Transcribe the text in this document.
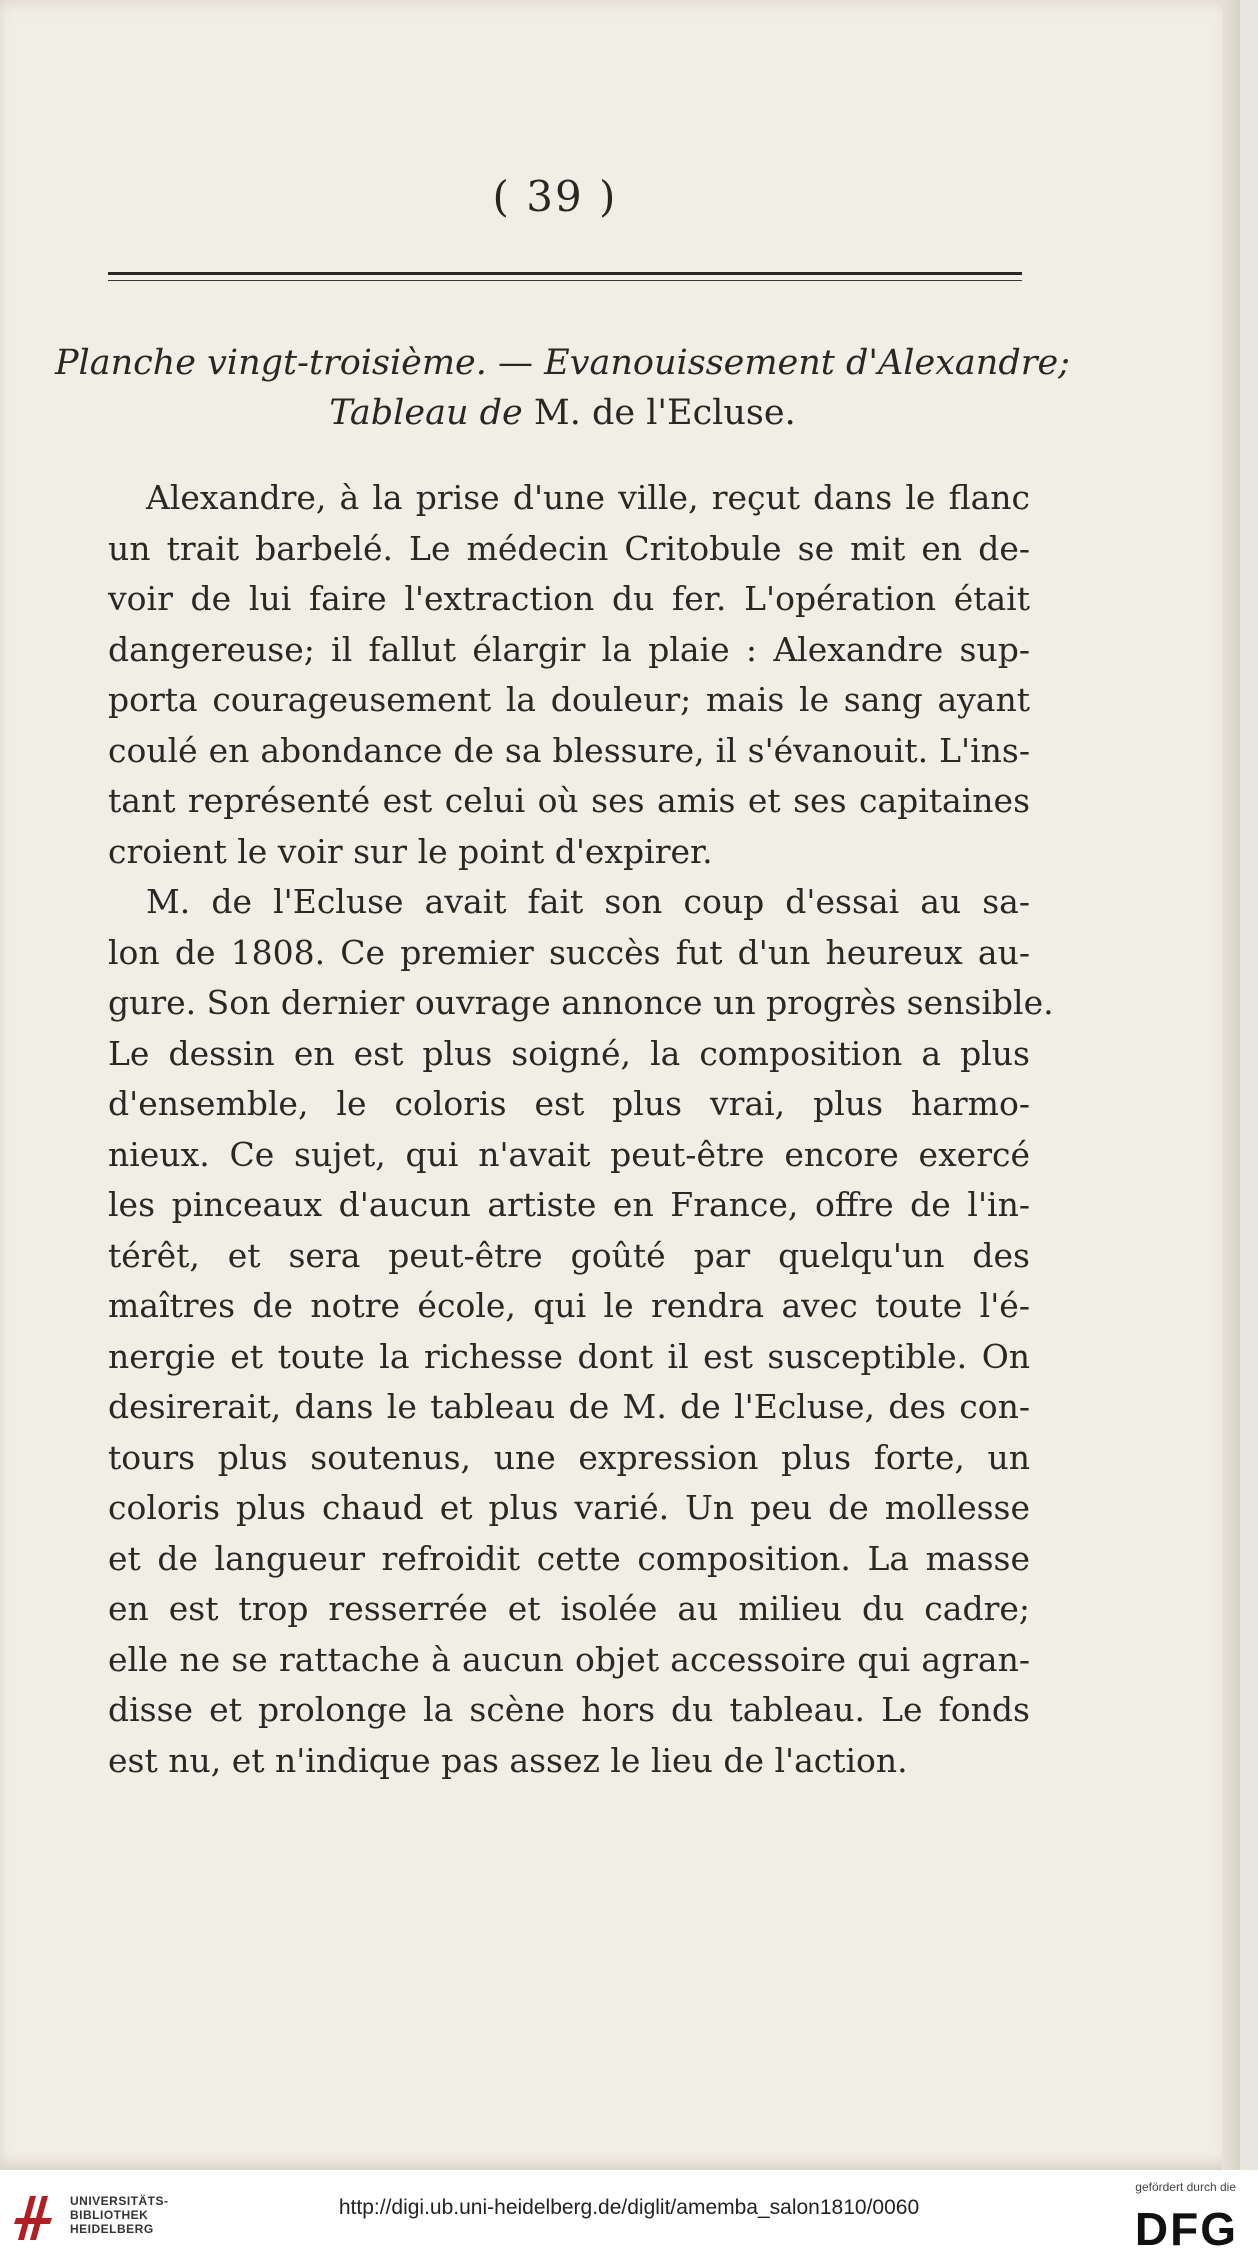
( 39 )
Planche vingt-troisième. — Evanouissement d'Alexandre;
Tableau de M. de l'Ecluse.
Alexandre, à la prise d'une ville, reçut dans le flanc
un trait barbelé. Le médecin Critobule se mit en de-
voir de lui faire l'extraction du fer. L'opération était
dangereuse; il fallut élargir la plaie : Alexandre sup-
porta courageusement la douleur; mais le sang ayant
coulé en abondance de sa blessure, il s'évanouit. L'ins-
tant représenté est celui où ses amis et ses capitaines
croient le voir sur le point d'expirer.
M. de l'Ecluse avait fait son coup d'essai au sa-
lon de 1808. Ce premier succès fut d'un heureux au-
gure. Son dernier ouvrage annonce un progrès sensible.
Le dessin en est plus soigné, la composition a plus
d'ensemble, le coloris est plus vrai, plus harmo-
nieux. Ce sujet, qui n'avait peut-être encore exercé
les pinceaux d'aucun artiste en France, offre de l'in-
térêt, et sera peut-être goûté par quelqu'un des
maîtres de notre école, qui le rendra avec toute l'é-
nergie et toute la richesse dont il est susceptible. On
desirerait, dans le tableau de M. de l'Ecluse, des con-
tours plus soutenus, une expression plus forte, un
coloris plus chaud et plus varié. Un peu de mollesse
et de langueur refroidit cette composition. La masse
en est trop resserrée et isolée au milieu du cadre;
elle ne se rattache à aucun objet accessoire qui agran-
disse et prolonge la scène hors du tableau. Le fonds
est nu, et n'indique pas assez le lieu de l'action.
UNIVERSITÄTS-
BIBLIOTHEK
HEIDELBERG
http://digi.ub.uni-heidelberg.de/diglit/amemba_salon1810/0060
gefördert durch die
DFG
